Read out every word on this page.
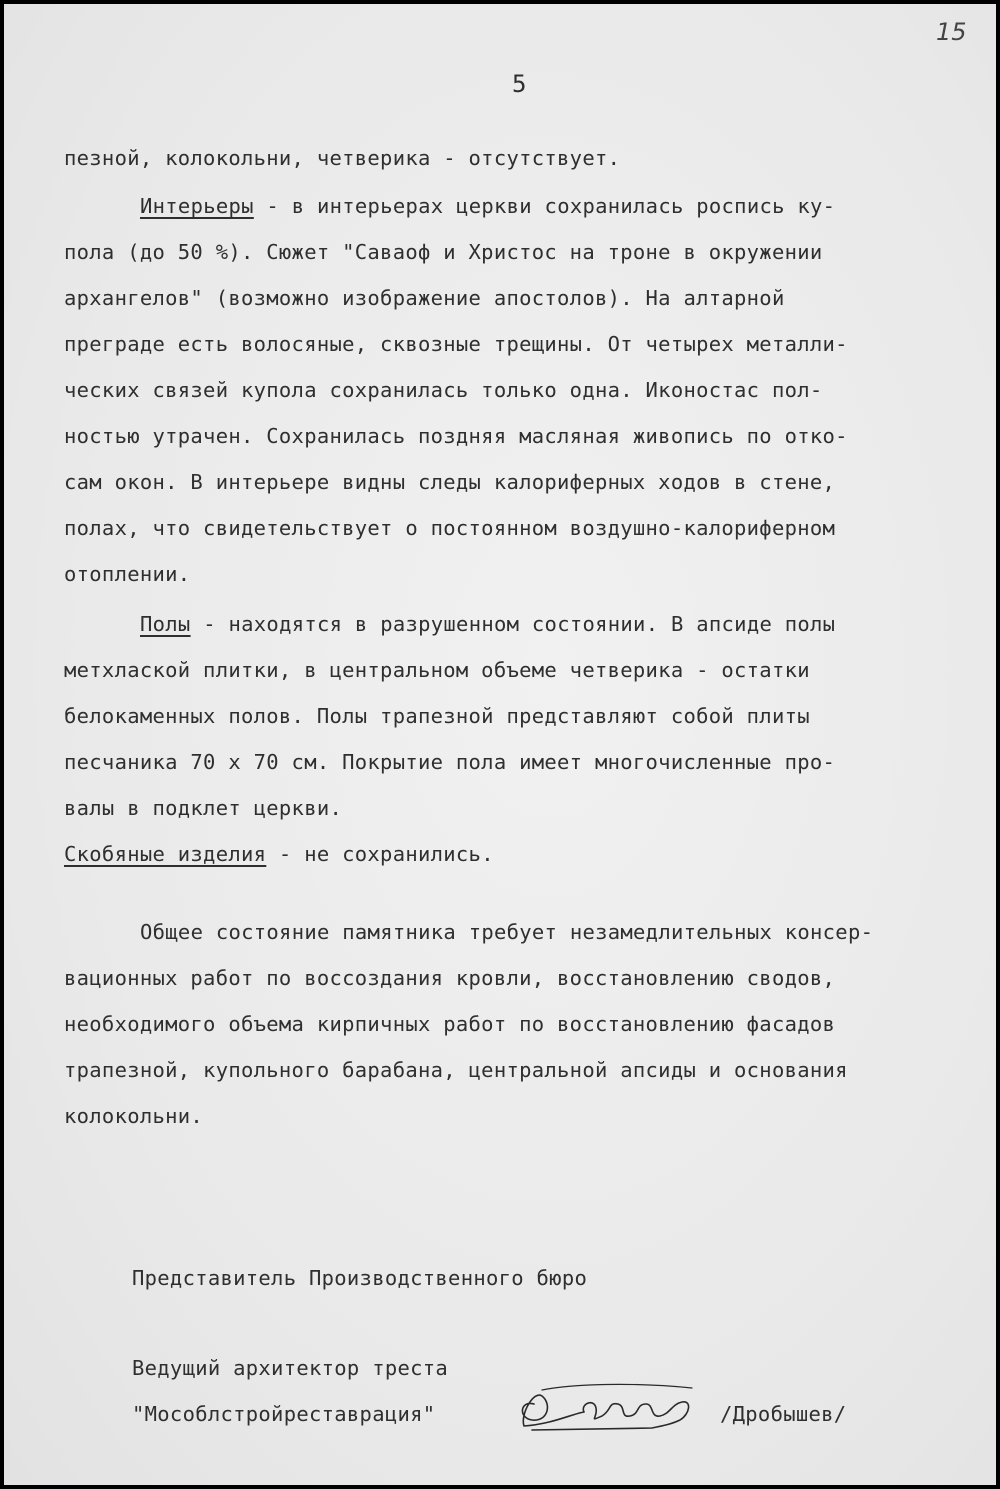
15

5

пезной, колокольни, четверика - отсутствует.

Интерьеры - в интерьерах церкви сохранилась роспись ку-

пола (до 50 %). Сюжет "Саваоф и Христос на троне в окружении

архангелов" (возможно изображение апостолов). На алтарной

преграде есть волосяные, сквозные трещины. От четырех металли-

ческих связей купола сохранилась только одна. Иконостас пол-

ностью утрачен. Сохранилась поздняя масляная живопись по отко-

сам окон. В интерьере видны следы калориферных ходов в стене,

полах, что свидетельствует о постоянном воздушно-калориферном

отоплении.

Полы - находятся в разрушенном состоянии. В апсиде полы

метхлаской плитки, в центральном объеме четверика - остатки

белокаменных полов. Полы трапезной представляют собой плиты

песчаника 70 х 70 см. Покрытие пола имеет многочисленные про-

валы в подклет церкви.

Скобяные изделия - не сохранились.

Общее состояние памятника требует незамедлительных консер-

вационных работ по воссоздания кровли, восстановлению сводов,

необходимого объема кирпичных работ по восстановлению фасадов

трапезной, купольного барабана, центральной апсиды и основания

колокольни.

Представитель Производственного бюро

Ведущий архитектор треста

"Мособлстройреставрация"	/Дробышев/
